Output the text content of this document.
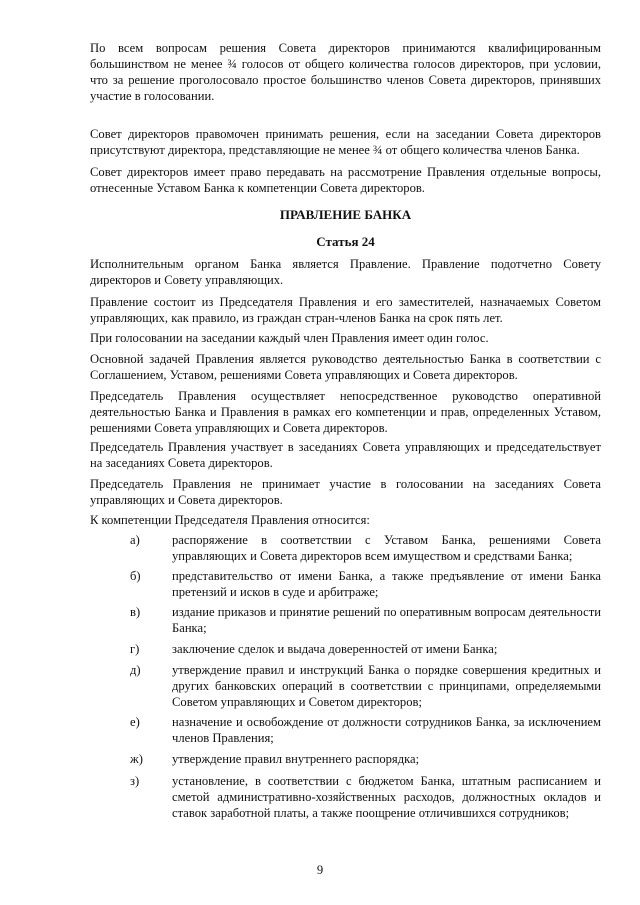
По всем вопросам решения Совета директоров принимаются квалифицированным большинством не менее ¾ голосов от общего количества голосов директоров, при условии, что за решение проголосовало простое большинство членов Совета директоров, принявших участие в голосовании.

Совет директоров правомочен принимать решения, если на заседании Совета директоров присутствуют директора, представляющие не менее ¾ от общего количества членов Банка.

Совет директоров имеет право передавать на рассмотрение Правления отдельные вопросы, отнесенные Уставом Банка к компетенции Совета директоров.

ПРАВЛЕНИЕ БАНКА
Статья 24

Исполнительным органом Банка является Правление. Правление подотчетно Совету директоров и Совету управляющих.

Правление состоит из Председателя Правления и его заместителей, назначаемых Советом управляющих, как правило, из граждан стран-членов Банка на срок пять лет.

При голосовании на заседании каждый член Правления имеет один голос.

Основной задачей Правления является руководство деятельностью Банка в соответствии с Соглашением, Уставом, решениями Совета управляющих и Совета директоров.

Председатель Правления осуществляет непосредственное руководство оперативной деятельностью Банка и Правления в рамках его компетенции и прав, определенных Уставом, решениями Совета управляющих и Совета директоров.

Председатель Правления участвует в заседаниях Совета управляющих и председательствует на заседаниях Совета директоров.

Председатель Правления не принимает участие в голосовании на заседаниях Совета управляющих и Совета директоров.

К компетенции Председателя Правления относится:

а)	распоряжение в соответствии с Уставом Банка, решениями Совета управляющих и Совета директоров всем имуществом и средствами Банка;

б) представительство от имени Банка, а также предъявление от имени Банка претензий и исков в суде и арбитраже;

в)	издание приказов и принятие решений по оперативным вопросам деятельности Банка;

г)	заключение сделок и выдача доверенностей от имени Банка;

д) утверждение правил и инструкций Банка о порядке совершения кредитных и других банковских операций в соответствии с принципами, определяемыми Советом управляющих и Советом директоров;

е)	назначение и освобождение от должности сотрудников Банка, за исключением членов Правления;

ж) утверждение правил внутреннего распорядка;

з)	установление, в соответствии с бюджетом Банка, штатным расписанием и сметой административно-хозяйственных расходов, должностных окладов и ставок заработной платы, а также поощрение отличившихся сотрудников;

9
